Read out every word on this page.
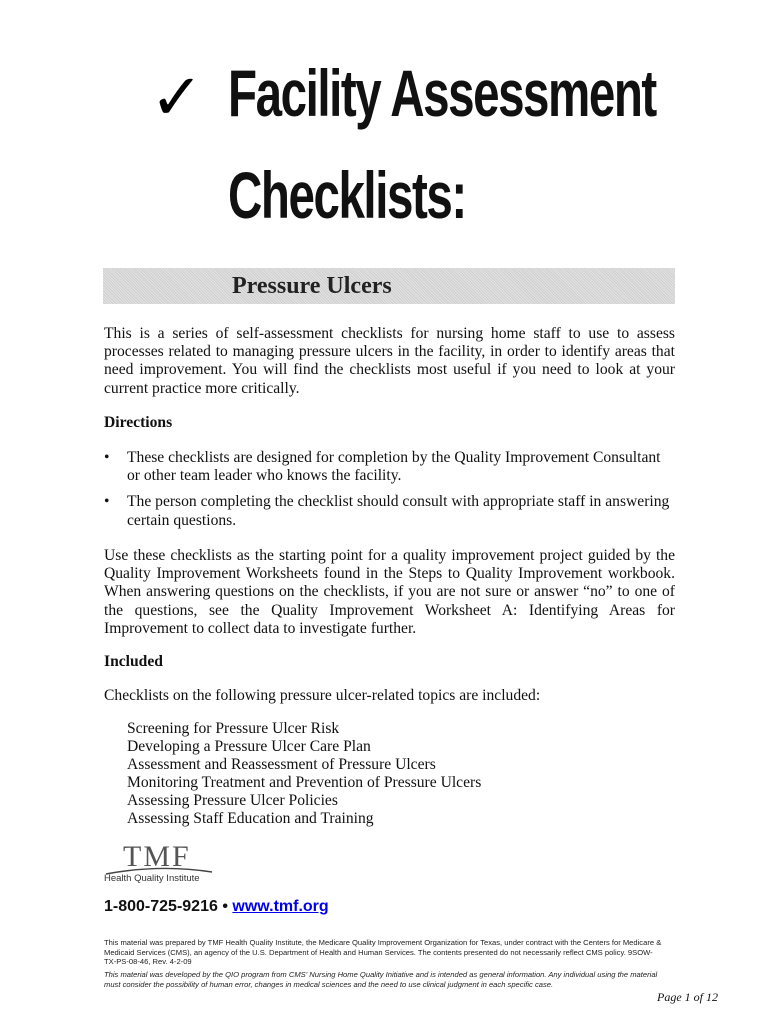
✓ Facility Assessment
Checklists:
Pressure Ulcers
This is a series of self-assessment checklists for nursing home staff to use to assess processes related to managing pressure ulcers in the facility, in order to identify areas that need improvement. You will find the checklists most useful if you need to look at your current practice more critically.
Directions
• These checklists are designed for completion by the Quality Improvement Consultant or other team leader who knows the facility.
• The person completing the checklist should consult with appropriate staff in answering certain questions.
Use these checklists as the starting point for a quality improvement project guided by the Quality Improvement Worksheets found in the Steps to Quality Improvement workbook. When answering questions on the checklists, if you are not sure or answer “no” to one of the questions, see the Quality Improvement Worksheet A: Identifying Areas for Improvement to collect data to investigate further.
Included
Checklists on the following pressure ulcer-related topics are included:
Screening for Pressure Ulcer Risk
Developing a Pressure Ulcer Care Plan
Assessment and Reassessment of Pressure Ulcers
Monitoring Treatment and Prevention of Pressure Ulcers
Assessing Pressure Ulcer Policies
Assessing Staff Education and Training
TMF
Health Quality Institute
1-800-725-9216 • www.tmf.org
This material was prepared by TMF Health Quality Institute, the Medicare Quality Improvement Organization for Texas, under contract with the Centers for Medicare & Medicaid Services (CMS), an agency of the U.S. Department of Health and Human Services. The contents presented do not necessarily reflect CMS policy. 9SOW-TX-PS-08-46, Rev. 4-2-09
This material was developed by the QIO program from CMS' Nursing Home Quality Initiative and is intended as general information. Any individual using the material must consider the possibility of human error, changes in medical sciences and the need to use clinical judgment in each specific case.
Page 1 of 12
